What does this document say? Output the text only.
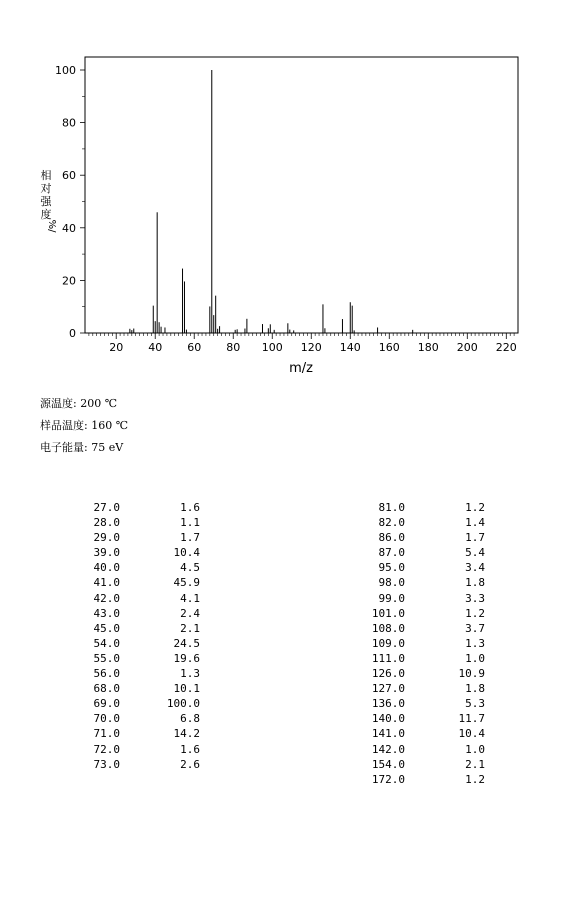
20 40 60 80 100 120 140 160 180 200 220
0
20
40
60
80
100
m/z
相
对
强
度
%/
源温度: 200 ℃
样品温度: 160 ℃
电子能量: 75 eV
27.0	1.6
28.0	1.1
29.0	1.7
39.0	10.4
40.0	4.5
41.0	45.9
42.0	4.1
43.0	2.4
45.0	2.1
54.0	24.5
55.0	19.6
56.0	1.3
68.0	10.1
69.0	100.0
70.0	6.8
71.0	14.2
72.0	1.6
73.0	2.6
81.0	1.2
82.0	1.4
86.0	1.7
87.0	5.4
95.0	3.4
98.0	1.8
99.0	3.3
101.0	1.2
108.0	3.7
109.0	1.3
111.0	1.0
126.0	10.9
127.0	1.8
136.0	5.3
140.0	11.7
141.0	10.4
142.0	1.0
154.0	2.1
172.0	1.2
